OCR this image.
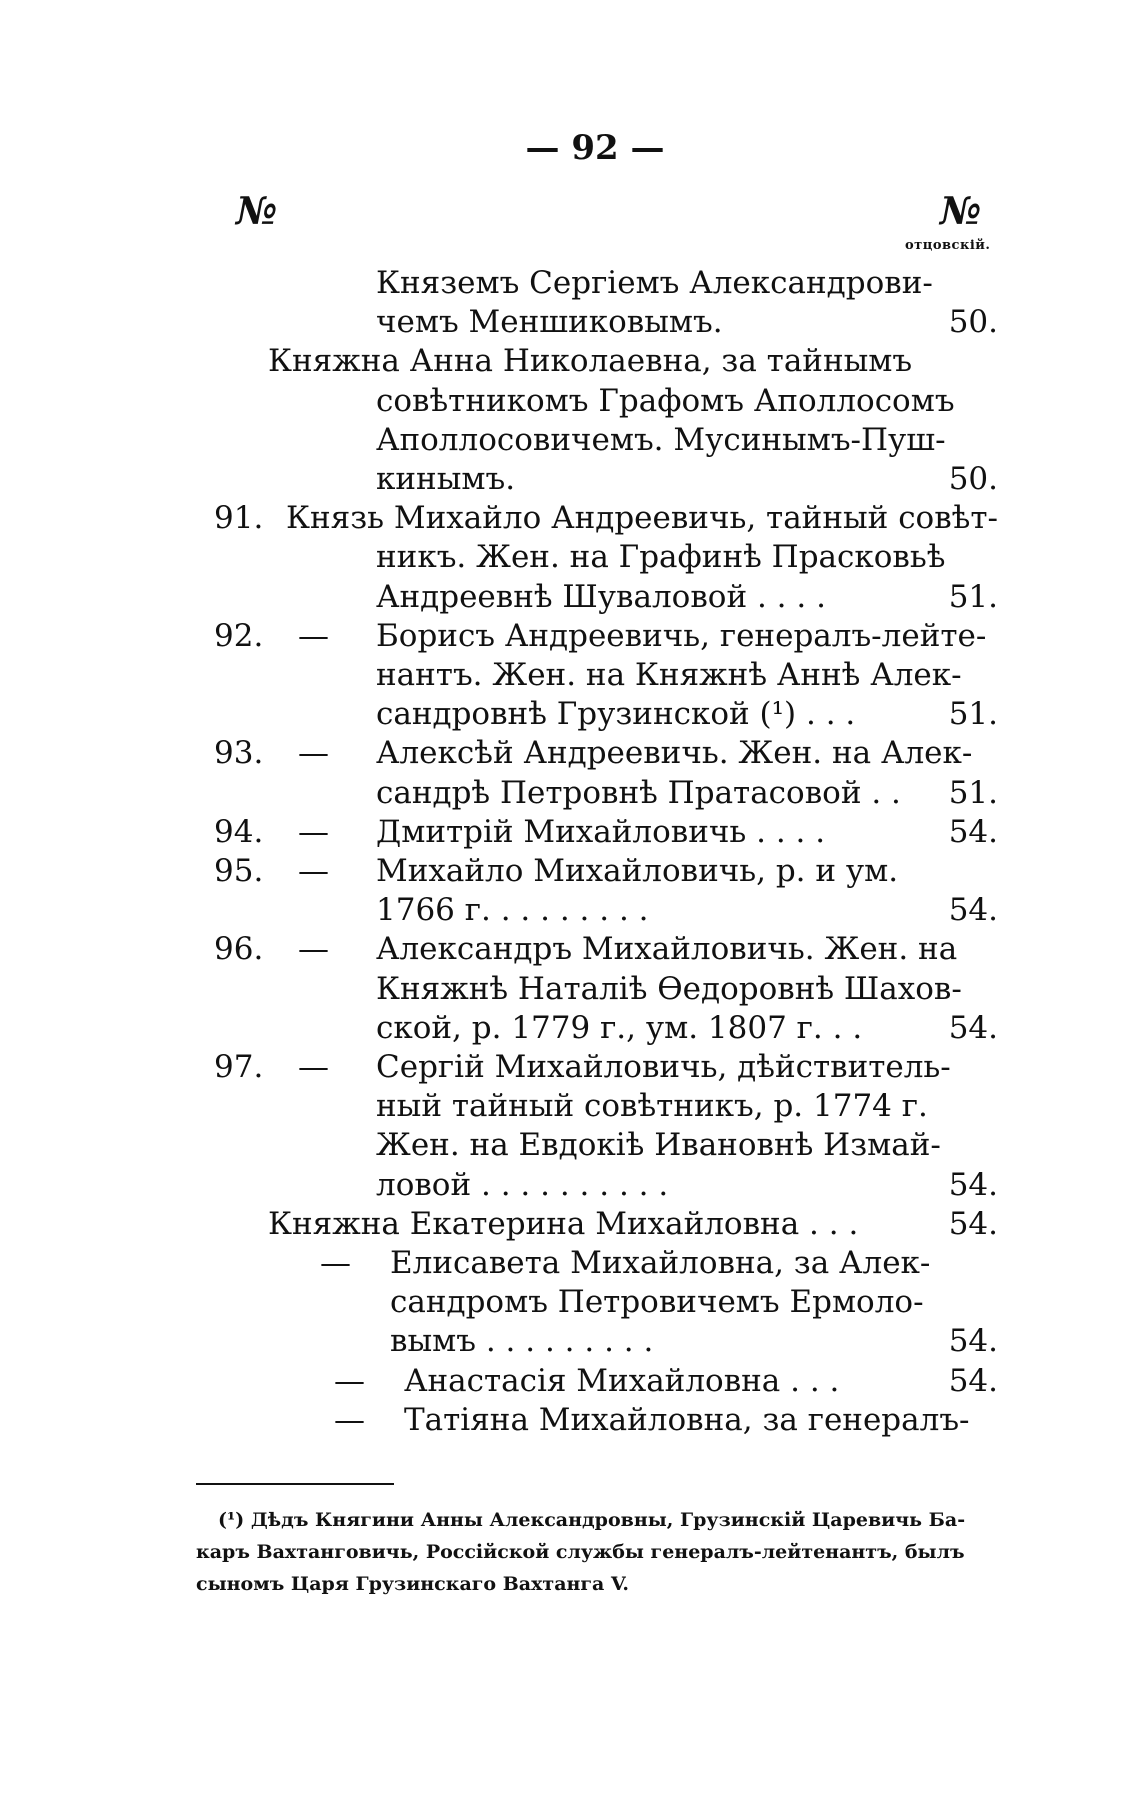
— 92 —
№	№
отцовскій.
Княземъ Сергіемъ Александрови-
чемъ Меншиковымъ.	50.
Княжна Анна Николаевна, за тайнымъ
совѣтникомъ Графомъ Аполлосомъ
Аполлосовичемъ. Мусинымъ-Пуш-
кинымъ.	50.
91. Князь Михайло Андреевичь, тайный совѣт-
никъ. Жен. на Графинѣ Прасковьѣ
Андреевнѣ Шуваловой . . . .	51.
92. — Борисъ Андреевичь, генералъ-лейте-
нантъ. Жен. на Княжнѣ Аннѣ Алек-
сандровнѣ Грузинской (¹) . . .	51.
93. — Алексѣй Андреевичь. Жен. на Алек-
сандрѣ Петровнѣ Пратасовой . . 51.
94. — Дмитрій Михайловичь . . . .	54.
95. — Михайло Михайловичь, р. и ум.
1766 г. . . . . . . . .	54.
96. — Александръ Михайловичь. Жен. на
Княжнѣ Наталіѣ Ѳедоровнѣ Шахов-
ской, р. 1779 г., ум. 1807 г. . .	54.
97. — Сергій Михайловичь, дѣйствитель-
ный тайный совѣтникъ, р. 1774 г.
Жен. на Евдокіѣ Ивановнѣ Измай-
ловой . . . . . . . . . .	54.
Княжна Екатерина Михайловна . . .	54.
— Елисавета Михайловна, за Алек-
сандромъ Петровичемъ Ермоло-
вымъ . . . . . . . . .	54.
— Анастасія Михайловна . . .	54.
— Татіяна Михайловна, за генералъ-
(¹) Дѣдъ Княгини Анны Александровны, Грузинскій Царевичь Ба-
каръ Вахтанговичь, Россійской службы генералъ-лейтенантъ, былъ
сыномъ Царя Грузинскаго Вахтанга V.
